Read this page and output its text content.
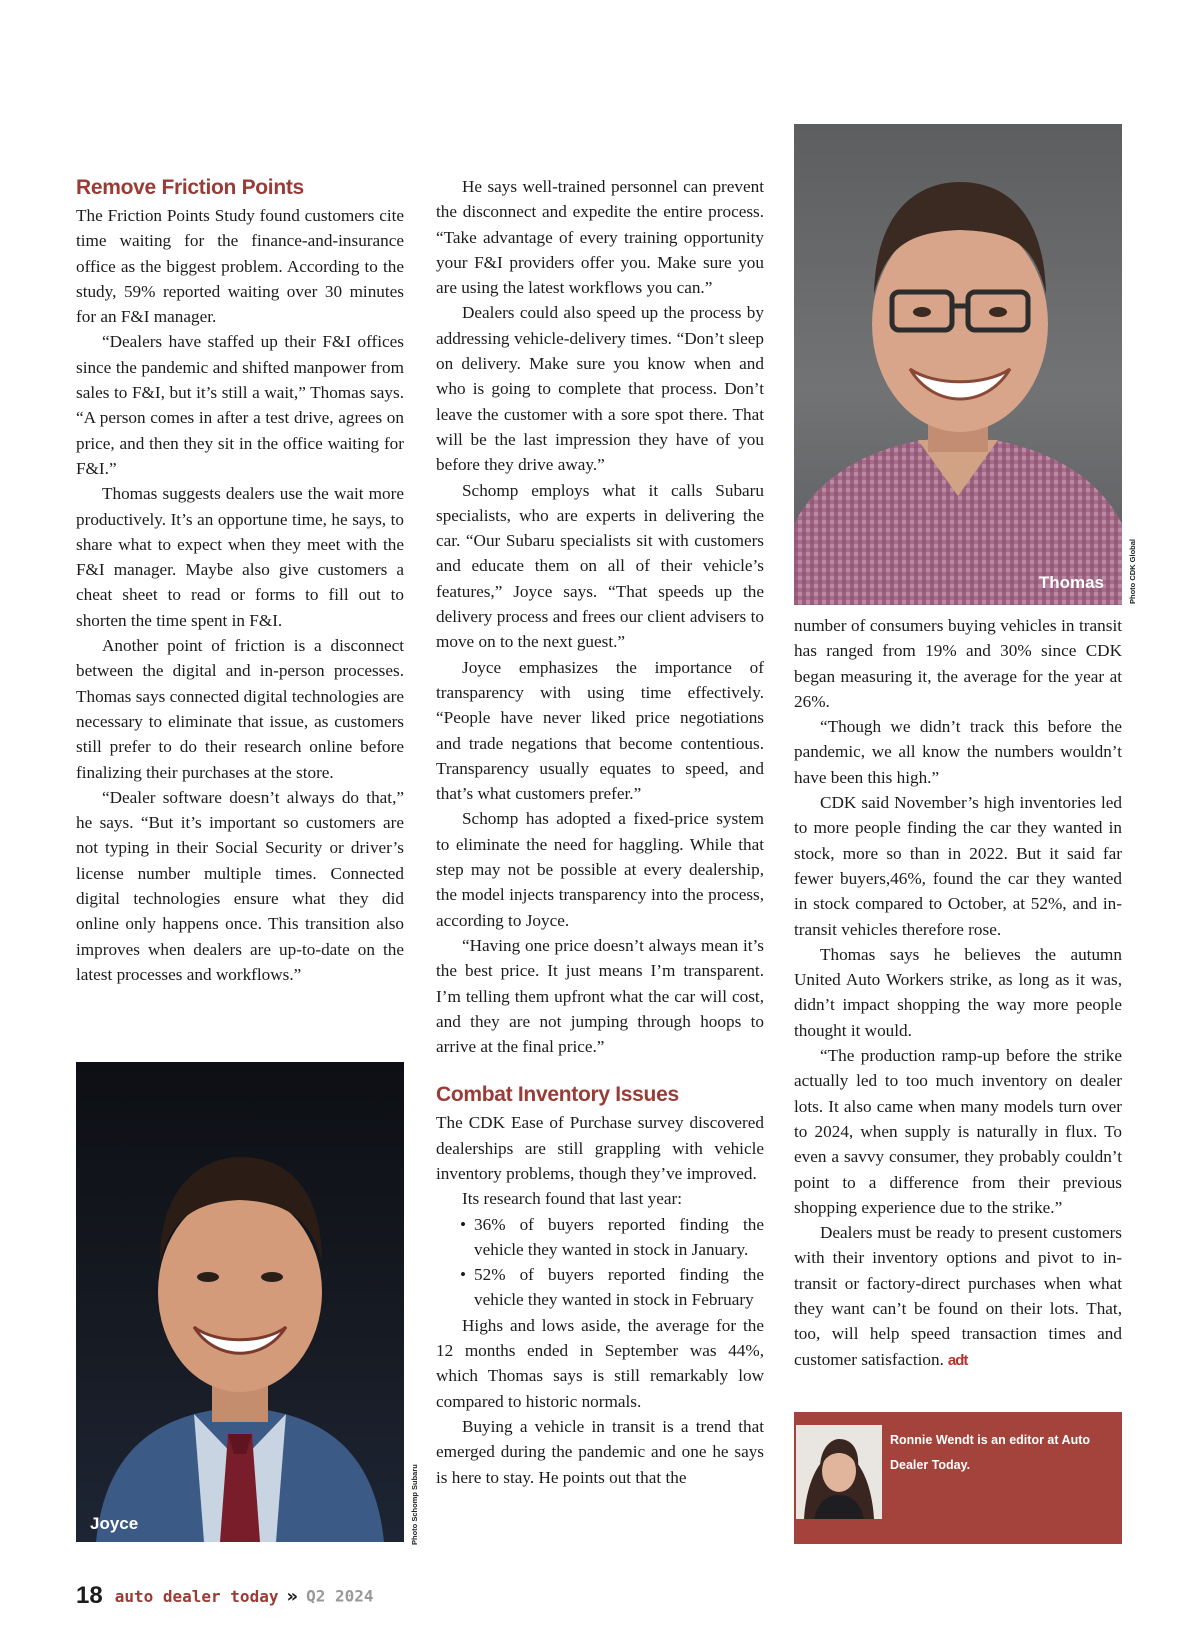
Remove Friction Points

The Friction Points Study found customers cite time waiting for the finance-and-insurance office as the biggest problem. According to the study, 59% reported waiting over 30 minutes for an F&I manager.

“Dealers have staffed up their F&I offices since the pandemic and shifted manpower from sales to F&I, but it’s still a wait,” Thomas says. “A person comes in after a test drive, agrees on price, and then they sit in the office waiting for F&I.”

Thomas suggests dealers use the wait more productively. It’s an opportune time, he says, to share what to expect when they meet with the F&I manager. Maybe also give customers a cheat sheet to read or forms to fill out to shorten the time spent in F&I.

Another point of friction is a disconnect between the digital and in-person processes. Thomas says connected digital technologies are necessary to eliminate that issue, as customers still prefer to do their research online before finalizing their purchases at the store.

“Dealer software doesn’t always do that,” he says. “But it’s important so customers are not typing in their Social Security or driver’s license number multiple times. Connected digital technologies ensure what they did online only happens once. This transition also improves when dealers are up-to-date on the latest processes and workflows.”

Joyce	Photo Schomp Subaru

He says well-trained personnel can prevent the disconnect and expedite the entire process. “Take advantage of every training opportunity your F&I providers offer you. Make sure you are using the latest workflows you can.”

Dealers could also speed up the process by addressing vehicle-delivery times. “Don’t sleep on delivery. Make sure you know when and who is going to complete that process. Don’t leave the customer with a sore spot there. That will be the last impression they have of you before they drive away.”

Schomp employs what it calls Subaru specialists, who are experts in delivering the car. “Our Subaru specialists sit with customers and educate them on all of their vehicle’s features,” Joyce says. “That speeds up the delivery process and frees our client advisers to move on to the next guest.”

Joyce emphasizes the importance of transparency with using time effectively. “People have never liked price negotiations and trade negations that become contentious. Transparency usually equates to speed, and that’s what customers prefer.”

Schomp has adopted a fixed-price system to eliminate the need for haggling. While that step may not be possible at every dealership, the model injects transparency into the process, according to Joyce.

“Having one price doesn’t always mean it’s the best price. It just means I’m transparent. I’m telling them upfront what the car will cost, and they are not jumping through hoops to arrive at the final price.”

Combat Inventory Issues

The CDK Ease of Purchase survey discovered dealerships are still grappling with vehicle inventory problems, though they’ve improved.

Its research found that last year:

• 36% of buyers reported finding the vehicle they wanted in stock in January.
• 52% of buyers reported finding the vehicle they wanted in stock in February

Highs and lows aside, the average for the 12 months ended in September was 44%, which Thomas says is still remarkably low compared to historic normals.

Buying a vehicle in transit is a trend that emerged during the pandemic and one he says is here to stay. He points out that the

Thomas	Photo CDK Global

number of consumers buying vehicles in transit has ranged from 19% and 30% since CDK began measuring it, the average for the year at 26%.

“Though we didn’t track this before the pandemic, we all know the numbers wouldn’t have been this high.”

CDK said November’s high inventories led to more people finding the car they wanted in stock, more so than in 2022. But it said far fewer buyers,46%, found the car they wanted in stock compared to October, at 52%, and in-transit vehicles therefore rose.

Thomas says he believes the autumn United Auto Workers strike, as long as it was, didn’t impact shopping the way more people thought it would.

“The production ramp-up before the strike actually led to too much inventory on dealer lots. It also came when many models turn over to 2024, when supply is naturally in flux. To even a savvy consumer, they probably couldn’t point to a difference from their previous shopping experience due to the strike.”

Dealers must be ready to present customers with their inventory options and pivot to in-transit or factory-direct purchases when what they want can’t be found on their lots. That, too, will help speed transaction times and customer satisfaction. adt

Ronnie Wendt is an editor at Auto Dealer Today.

18 auto dealer today » Q2 2024
